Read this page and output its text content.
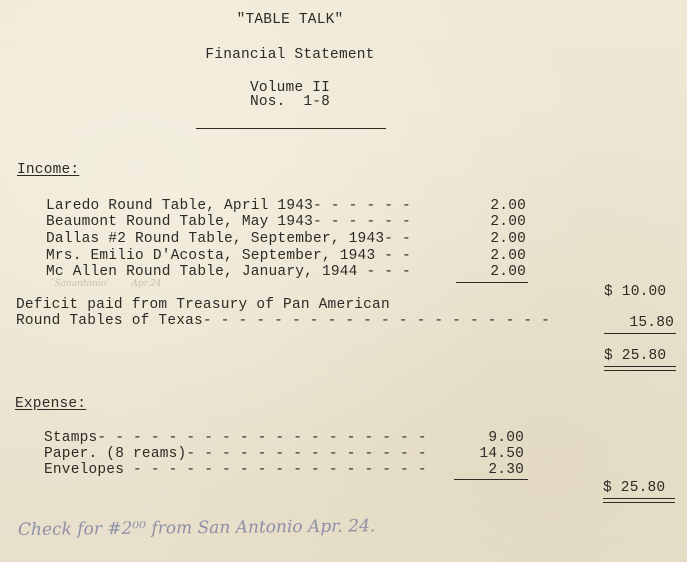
"TABLE TALK"
Financial Statement
Volume II
Nos.  1-8
Income:
Laredo Round Table, April 1943- - - - - -	2.00
Beaumont Round Table, May 1943- - - - - -	2.00
Dallas #2 Round Table, September, 1943- -	2.00
Mrs. Emilio D'Acosta, September, 1943 - -	2.00
Mc Allen Round Table, January, 1944 - - -	2.00
`Sanantonio'        Apr.24	$ 10.00
Deficit paid from Treasury of Pan American
Round Tables of Texas- - - - - - - - - - - - - - - - - - - -	15.80
$ 25.80
Expense:
Stamps- - - - - - - - - - - - - - - - - - -	9.00
Paper. (8 reams)- - - - - - - - - - - - - -	14.50
Envelopes - - - - - - - - - - - - - - - - -	2.30
$ 25.80
Check for #2⁰⁰ from San Antonio Apr. 24.
